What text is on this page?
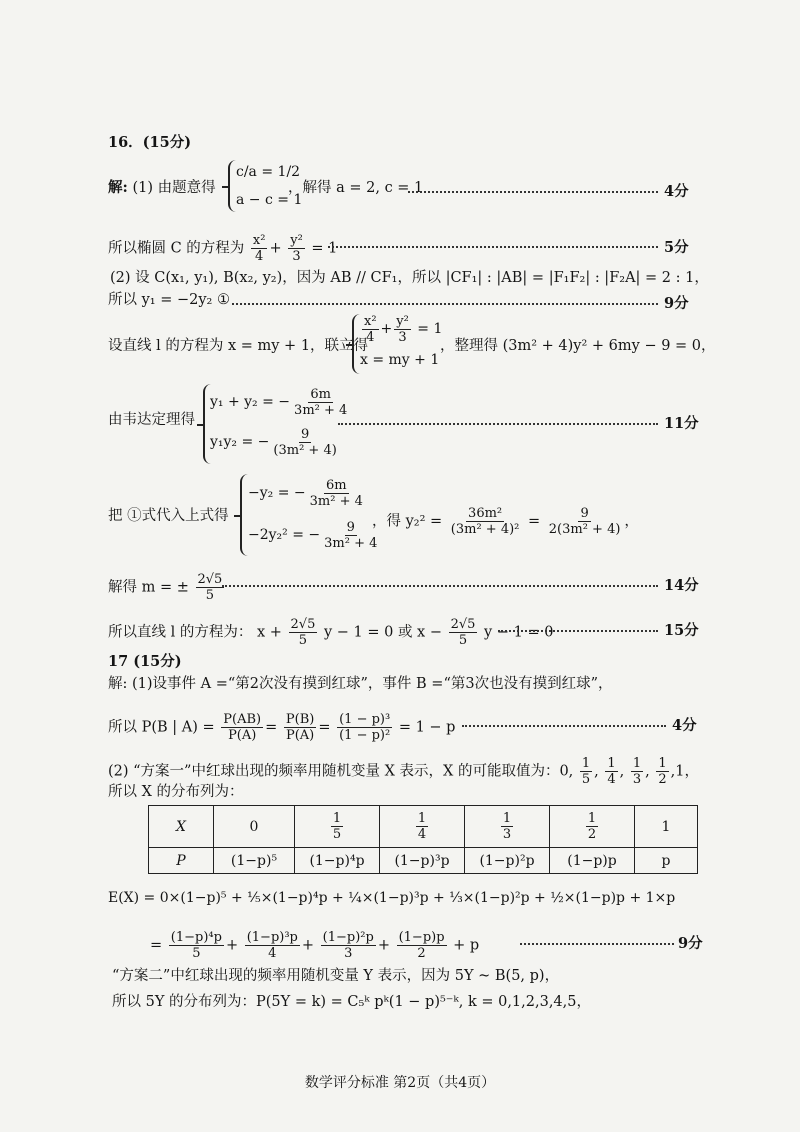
16．(15分)
解: (1) 由题意得
c/a = 1/2
a − c = 1
，解得 a = 2, c = 1	4分
所以椭圆 C 的方程为 $\frac{\text{x²}}{4} + \frac{\text{y²}}{3} = 1$	5分
(2) 设 C(x₁, y₁), B(x₂, y₂)，因为 AB // CF₁，所以 |CF₁| : |AB| = |F₁F₂| : |F₂A| = 2 : 1，
所以 y₁ = −2y₂ ①	9分
设直线 l 的方程为 x = my + 1，联立得
$\frac{\text{x²}}{4} + \frac{\text{y²}}{3} = 1$
x = my + 1
，整理得 (3m² + 4)y² + 6my − 9 = 0，
由韦达定理得
y₁ + y₂ = − $\frac{6m}{\text{3m² + 4}}$
y₁y₂ = − $\frac{9}{\text{(3m² + 4)}}$
11分
把 ①式代入上式得
−y₂ = − $\frac{6m}{\text{3m² + 4}}$
−2y₂² = − $\frac{9}{\text{3m² + 4}}$
，得 $y_2^2 = \frac{\text{36m²}}{\text{(3m² + 4)²}} = \frac{9}{\text{2(3m² + 4)}}$ ，
解得 m = ± $\frac{2√5}{5}$	14分
所以直线 l 的方程为： $x + \frac{2√5}{5}$ y − 1 = 0 或 $x - \frac{2√5}{5}$ y − 1 = 0	15分
17 (15分)
解: (1)设事件 A =“第2次没有摸到红球”，事件 B =“第3次也没有摸到红球”，
所以 P(B | $A) = \frac{P(AB)}{P(A)} = \frac{P(B)}{P(A)} = \frac{\text{(1 − p)³}}{\text{(1 − p)²}} = 1 - p$	4分
(2) “方案一”中红球出现的频率用随机变量 X 表示，X 的可能取值为：0, $\frac{1}{5}$ , $\frac{1}{4}$ , $\frac{1}{3}$ , $\frac{1}{2} ,1$，
所以 X 的分布列为：
X	0	$\frac{1}{5}$	$\frac{1}{4}$	$\frac{1}{3}$	$\frac{1}{2}$	1
P	(1−p)⁵	(1−p)⁴p	(1−p)³p	(1−p)²p	(1−p)p	p
E(X) = 0×(1−p)⁵ + ⅕×(1−p)⁴p + ¼×(1−p)³p + ⅓×(1−p)²p + ½×(1−p)p + 1×p
= $\frac{\text{(1−p)⁴p}}{5} + \frac{\text{(1−p)³p}}{4} + \frac{\text{(1−p)²p}}{3} + \frac{(1-p)p}{2} + p$	9分
“方案二”中红球出现的频率用随机变量 Y 表示，因为 5Y ~ B(5, p)，
所以 5Y 的分布列为：P(5Y = k) = C₅ᵏ pᵏ(1 − p)⁵⁻ᵏ, k = 0,1,2,3,4,5，
数学评分标准 第2页（共4页）
